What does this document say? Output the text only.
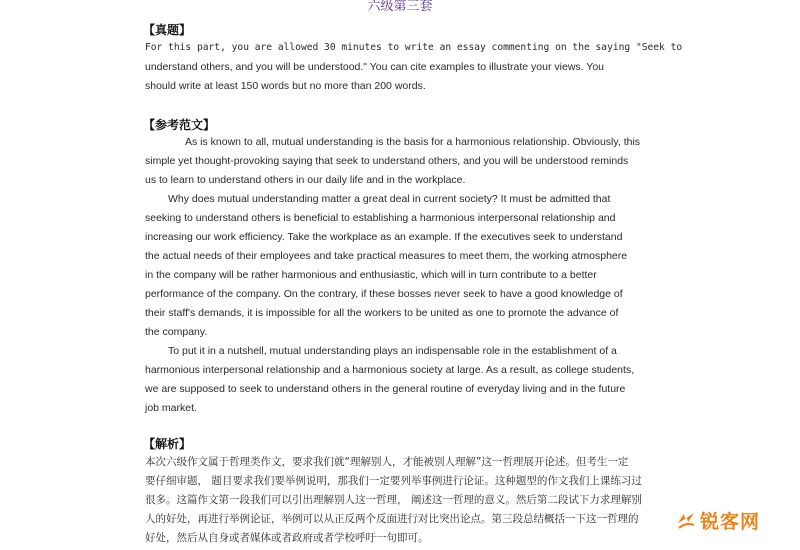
六级第三套
【真题】
For this part, you are allowed 30 minutes to write an essay commenting on the saying "Seek to
understand others, and you will be understood." You can cite examples to illustrate your views. You
should write at least 150 words but no more than 200 words.
【参考范文】
As is known to all, mutual understanding is the basis for a harmonious relationship. Obviously, this
simple yet thought-provoking saying that seek to understand others, and you will be understood reminds
us to learn to understand others in our daily life and in the workplace.
Why does mutual understanding matter a great deal in current society? It must be admitted that
seeking to understand others is beneficial to establishing a harmonious interpersonal relationship and
increasing our work efficiency. Take the workplace as an example. If the executives seek to understand
the actual needs of their employees and take practical measures to meet them, the working atmosphere
in the company will be rather harmonious and enthusiastic, which will in turn contribute to a better
performance of the company. On the contrary, if these bosses never seek to have a good knowledge of
their staff's demands, it is impossible for all the workers to be united as one to promote the advance of
the company.
To put it in a nutshell, mutual understanding plays an indispensable role in the establishment of a
harmonious interpersonal relationship and a harmonious society at large. As a result, as college students,
we are supposed to seek to understand others in the general routine of everyday living and in the future
job market.
【解析】
本次六级作文属于哲理类作文，要求我们就“理解别人，才能被别人理解”这一哲理展开论述。但考生一定
要仔细审题， 题目要求我们要举例说明，那我们一定要列举事例进行论证。这种题型的作文我们上课练习过
很多。这篇作文第一段我们可以引出理解别人这一哲理， 阐述这一哲理的意义。然后第二段试下力求理解别
人的好处，再进行举例论证，举例可以从正反两个反面进行对比突出论点。第三段总结概括一下这一哲理的
好处，然后从自身或者媒体或者政府或者学校呼吁一句即可。
锐客网
